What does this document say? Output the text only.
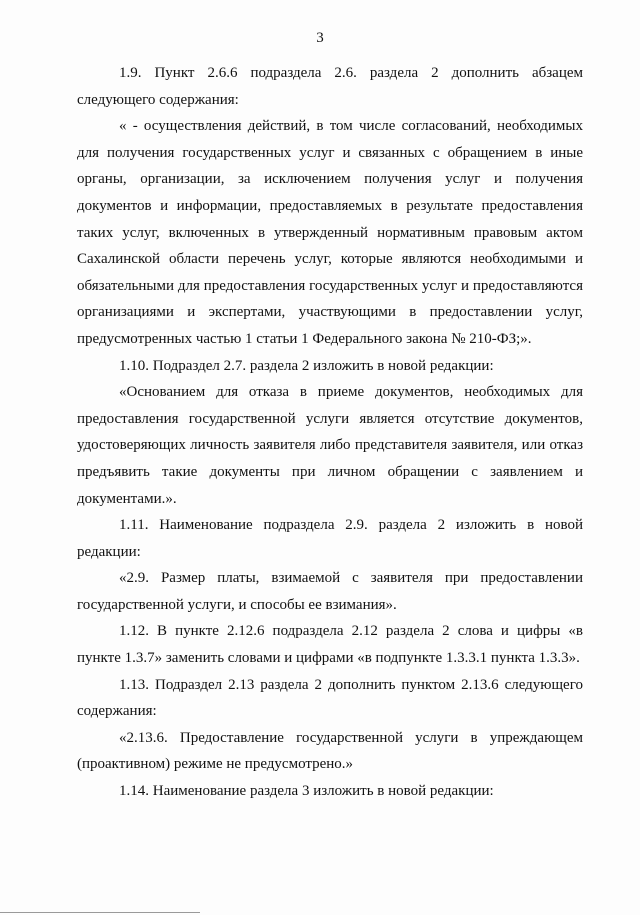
3

1.9. Пункт 2.6.6 подраздела 2.6. раздела 2 дополнить абзацем следующего содержания:

« - осуществления действий, в том числе согласований, необходимых для получения государственных услуг и связанных с обращением в иные органы, организации, за исключением получения услуг и получения документов и информации, предоставляемых в результате предоставления таких услуг, включенных в утвержденный нормативным правовым актом Сахалинской области перечень услуг, которые являются необходимыми и обязательными для предоставления государственных услуг и предоставляются организациями и экспертами, участвующими в предоставлении услуг, предусмотренных частью 1 статьи 1 Федерального закона № 210-ФЗ;».

1.10. Подраздел 2.7. раздела 2 изложить в новой редакции:

«Основанием для отказа в приеме документов, необходимых для предоставления государственной услуги является отсутствие документов, удостоверяющих личность заявителя либо представителя заявителя, или отказ предъявить такие документы при личном обращении с заявлением и документами.».

1.11. Наименование подраздела 2.9. раздела 2 изложить в новой редакции:

«2.9. Размер платы, взимаемой с заявителя при предоставлении государственной услуги, и способы ее взимания».

1.12. В пункте 2.12.6 подраздела 2.12 раздела 2 слова и цифры «в пункте 1.3.7» заменить словами и цифрами «в подпункте 1.3.3.1 пункта 1.3.3».

1.13. Подраздел 2.13 раздела 2 дополнить пунктом 2.13.6 следующего содержания:

«2.13.6. Предоставление государственной услуги в упреждающем (проактивном) режиме не предусмотрено.»

1.14. Наименование раздела 3 изложить в новой редакции:
